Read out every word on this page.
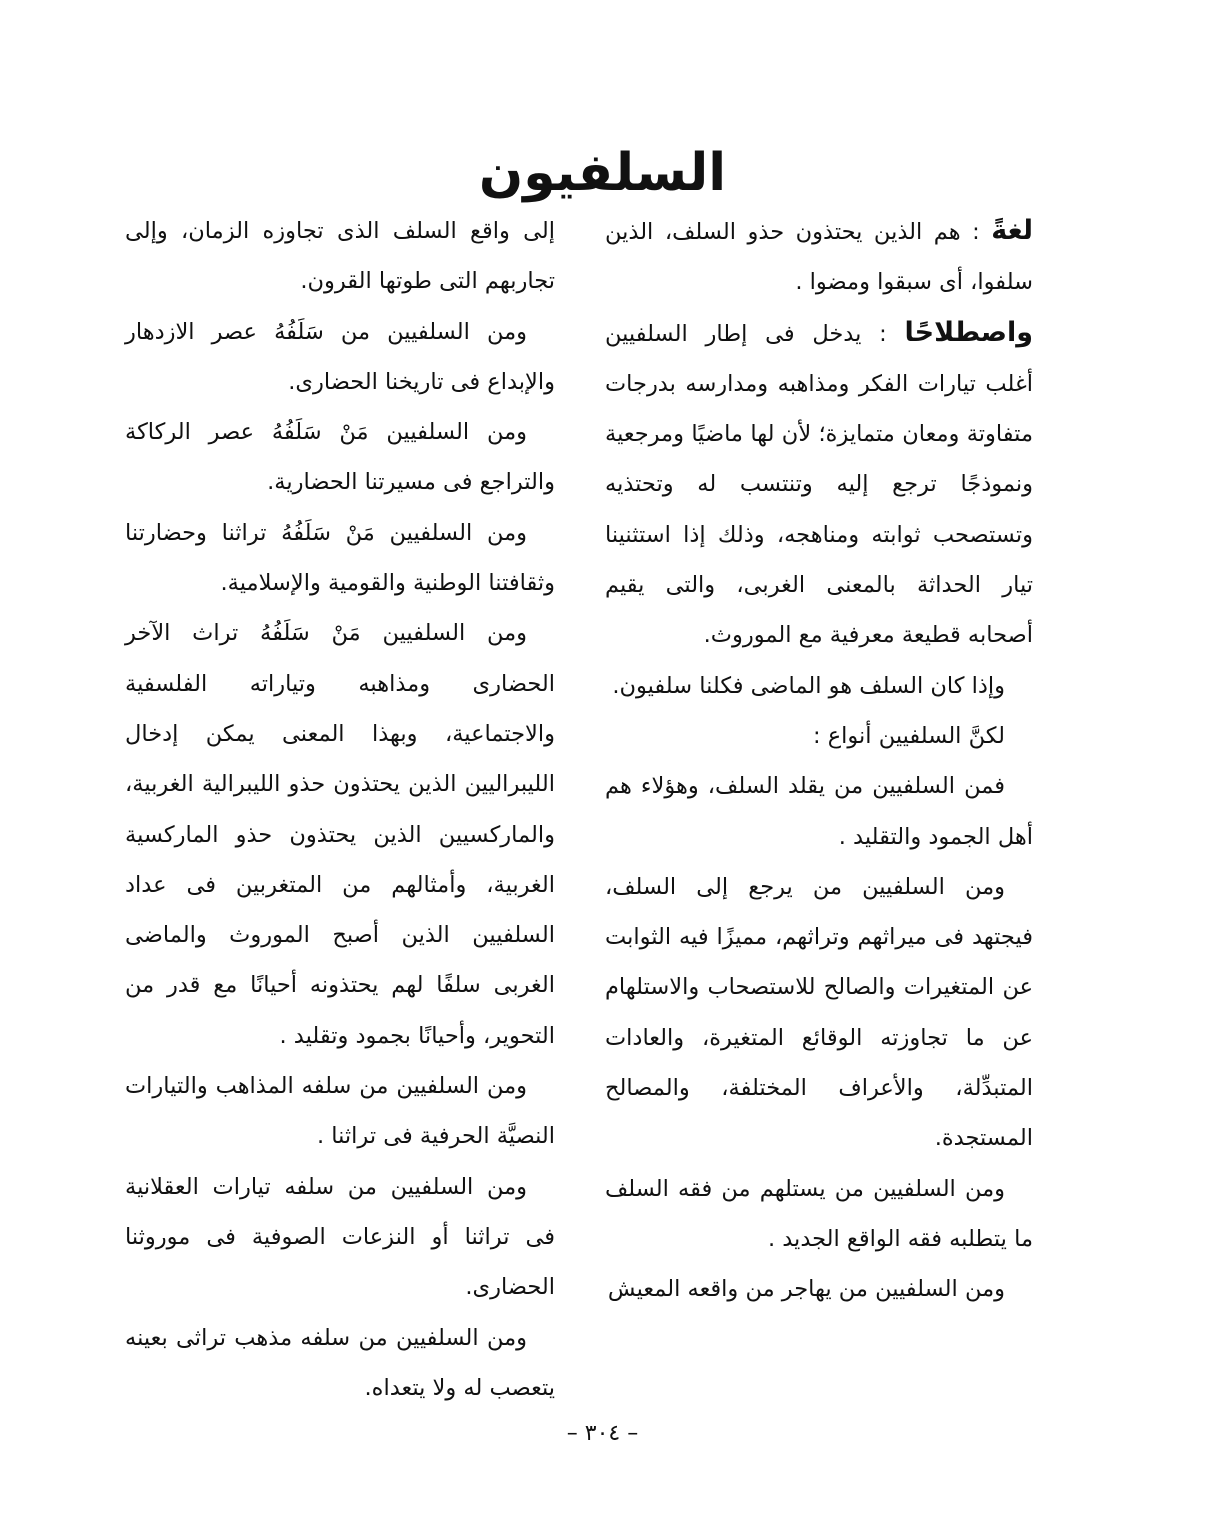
السلفيون

لغةً : هم الذين يحتذون حذو السلف، الذين سلفوا، أى سبقوا ومضوا .

واصطلاحًا : يدخل فى إطار السلفيين أغلب تيارات الفكر ومذاهبه ومدارسه بدرجات متفاوتة ومعان متمايزة؛ لأن لها ماضيًا ومرجعية ونموذجًا ترجع إليه وتنتسب له وتحتذيه وتستصحب ثوابته ومناهجه، وذلك إذا استثنينا تيار الحداثة بالمعنى الغربى، والتى يقيم أصحابه قطيعة معرفية مع الموروث.

وإذا كان السلف هو الماضى فكلنا سلفيون.

لكنَّ السلفيين أنواع :

فمن السلفيين من يقلد السلف، وهؤلاء هم أهل الجمود والتقليد .

ومن السلفيين من يرجع إلى السلف، فيجتهد فى ميراثهم وتراثهم، مميزًا فيه الثوابت عن المتغيرات والصالح للاستصحاب والاستلهام عن ما تجاوزته الوقائع المتغيرة، والعادات المتبدِّلة، والأعراف المختلفة، والمصالح المستجدة.

ومن السلفيين من يستلهم من فقه السلف ما يتطلبه فقه الواقع الجديد .

ومن السلفيين من يهاجر من واقعه المعيش

إلى واقع السلف الذى تجاوزه الزمان، وإلى تجاربهم التى طوتها القرون.

ومن السلفيين من سَلَفُهُ عصر الازدهار والإبداع فى تاريخنا الحضارى.

ومن السلفيين مَنْ سَلَفُهُ عصر الركاكة والتراجع فى مسيرتنا الحضارية.

ومن السلفيين مَنْ سَلَفُهُ تراثنا وحضارتنا وثقافتنا الوطنية والقومية والإسلامية.

ومن السلفيين مَنْ سَلَفُهُ تراث الآخر الحضارى ومذاهبه وتياراته الفلسفية والاجتماعية، وبهذا المعنى يمكن إدخال الليبراليين الذين يحتذون حذو الليبرالية الغربية، والماركسيين الذين يحتذون حذو الماركسية الغربية، وأمثالهم من المتغربين فى عداد السلفيين الذين أصبح الموروث والماضى الغربى سلفًا لهم يحتذونه أحيانًا مع قدر من التحوير، وأحيانًا بجمود وتقليد .

ومن السلفيين من سلفه المذاهب والتيارات النصيَّة الحرفية فى تراثنا .

ومن السلفيين من سلفه تيارات العقلانية فى تراثنا أو النزعات الصوفية فى موروثنا الحضارى.

ومن السلفيين من سلفه مذهب تراثى بعينه يتعصب له ولا يتعداه.

– ٣٠٤ –
